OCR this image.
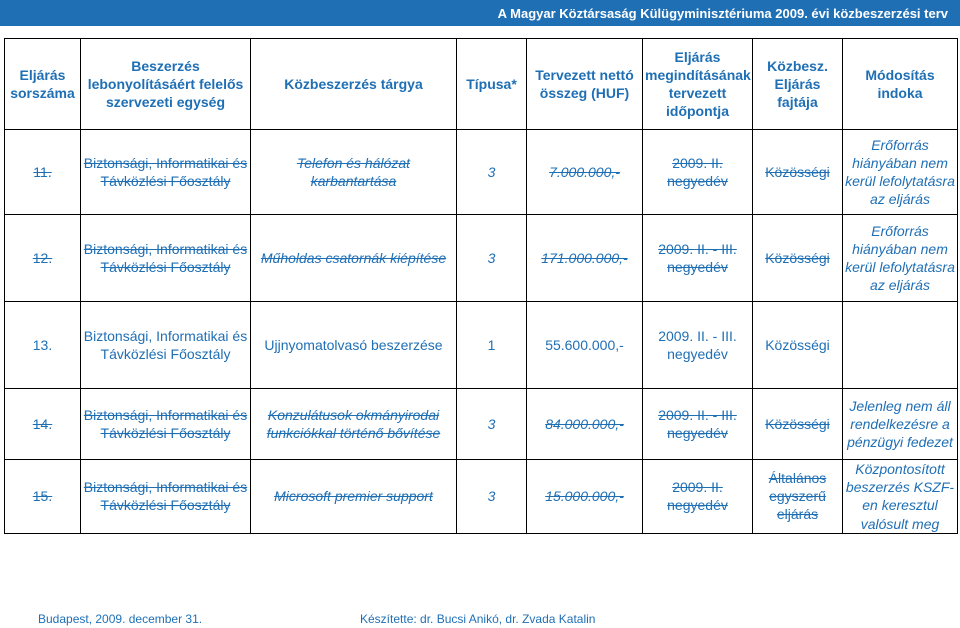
A Magyar Köztársaság Külügyminisztériuma 2009. évi közbeszerzési terv
Eljárás sorszáma	Beszerzés lebonyolításáért felelős szervezeti egység	Közbeszerzés tárgya	Típusa*	Tervezett nettó összeg (HUF)	Eljárás megindításának tervezett időpontja	Közbesz. Eljárás fajtája	Módosítás indoka
11.	Biztonsági, Informatikai és Távközlési Főosztály	Telefon és hálózat karbantartása	3	7.000.000,-	2009. II. negyedév	Közösségi	Erőforrás hiányában nem kerül lefolytatásra az eljárás
12.	Biztonsági, Informatikai és Távközlési Főosztály	Műholdas csatornák kiépítése	3	171.000.000,-	2009. II. - III. negyedév	Közösségi	Erőforrás hiányában nem kerül lefolytatásra az eljárás
13.	Biztonsági, Informatikai és Távközlési Főosztály	Ujjnyomatolvasó beszerzése	1	55.600.000,-	2009. II. - III. negyedév	Közösségi	
14.	Biztonsági, Informatikai és Távközlési Főosztály	Konzulátusok okmányirodai funkciókkal történő bővítése	3	84.000.000,-	2009. II. - III. negyedév	Közösségi	Jelenleg nem áll rendelkezésre a pénzügyi fedezet
15.	Biztonsági, Informatikai és Távközlési Főosztály	Microsoft premier support	3	15.000.000,-	2009. II. negyedév	Általános egyszerű eljárás	Központosított beszerzés KSZF-en keresztul valósult meg
Budapest, 2009. december 31.	Készítette: dr. Bucsi Anikó, dr. Zvada Katalin
